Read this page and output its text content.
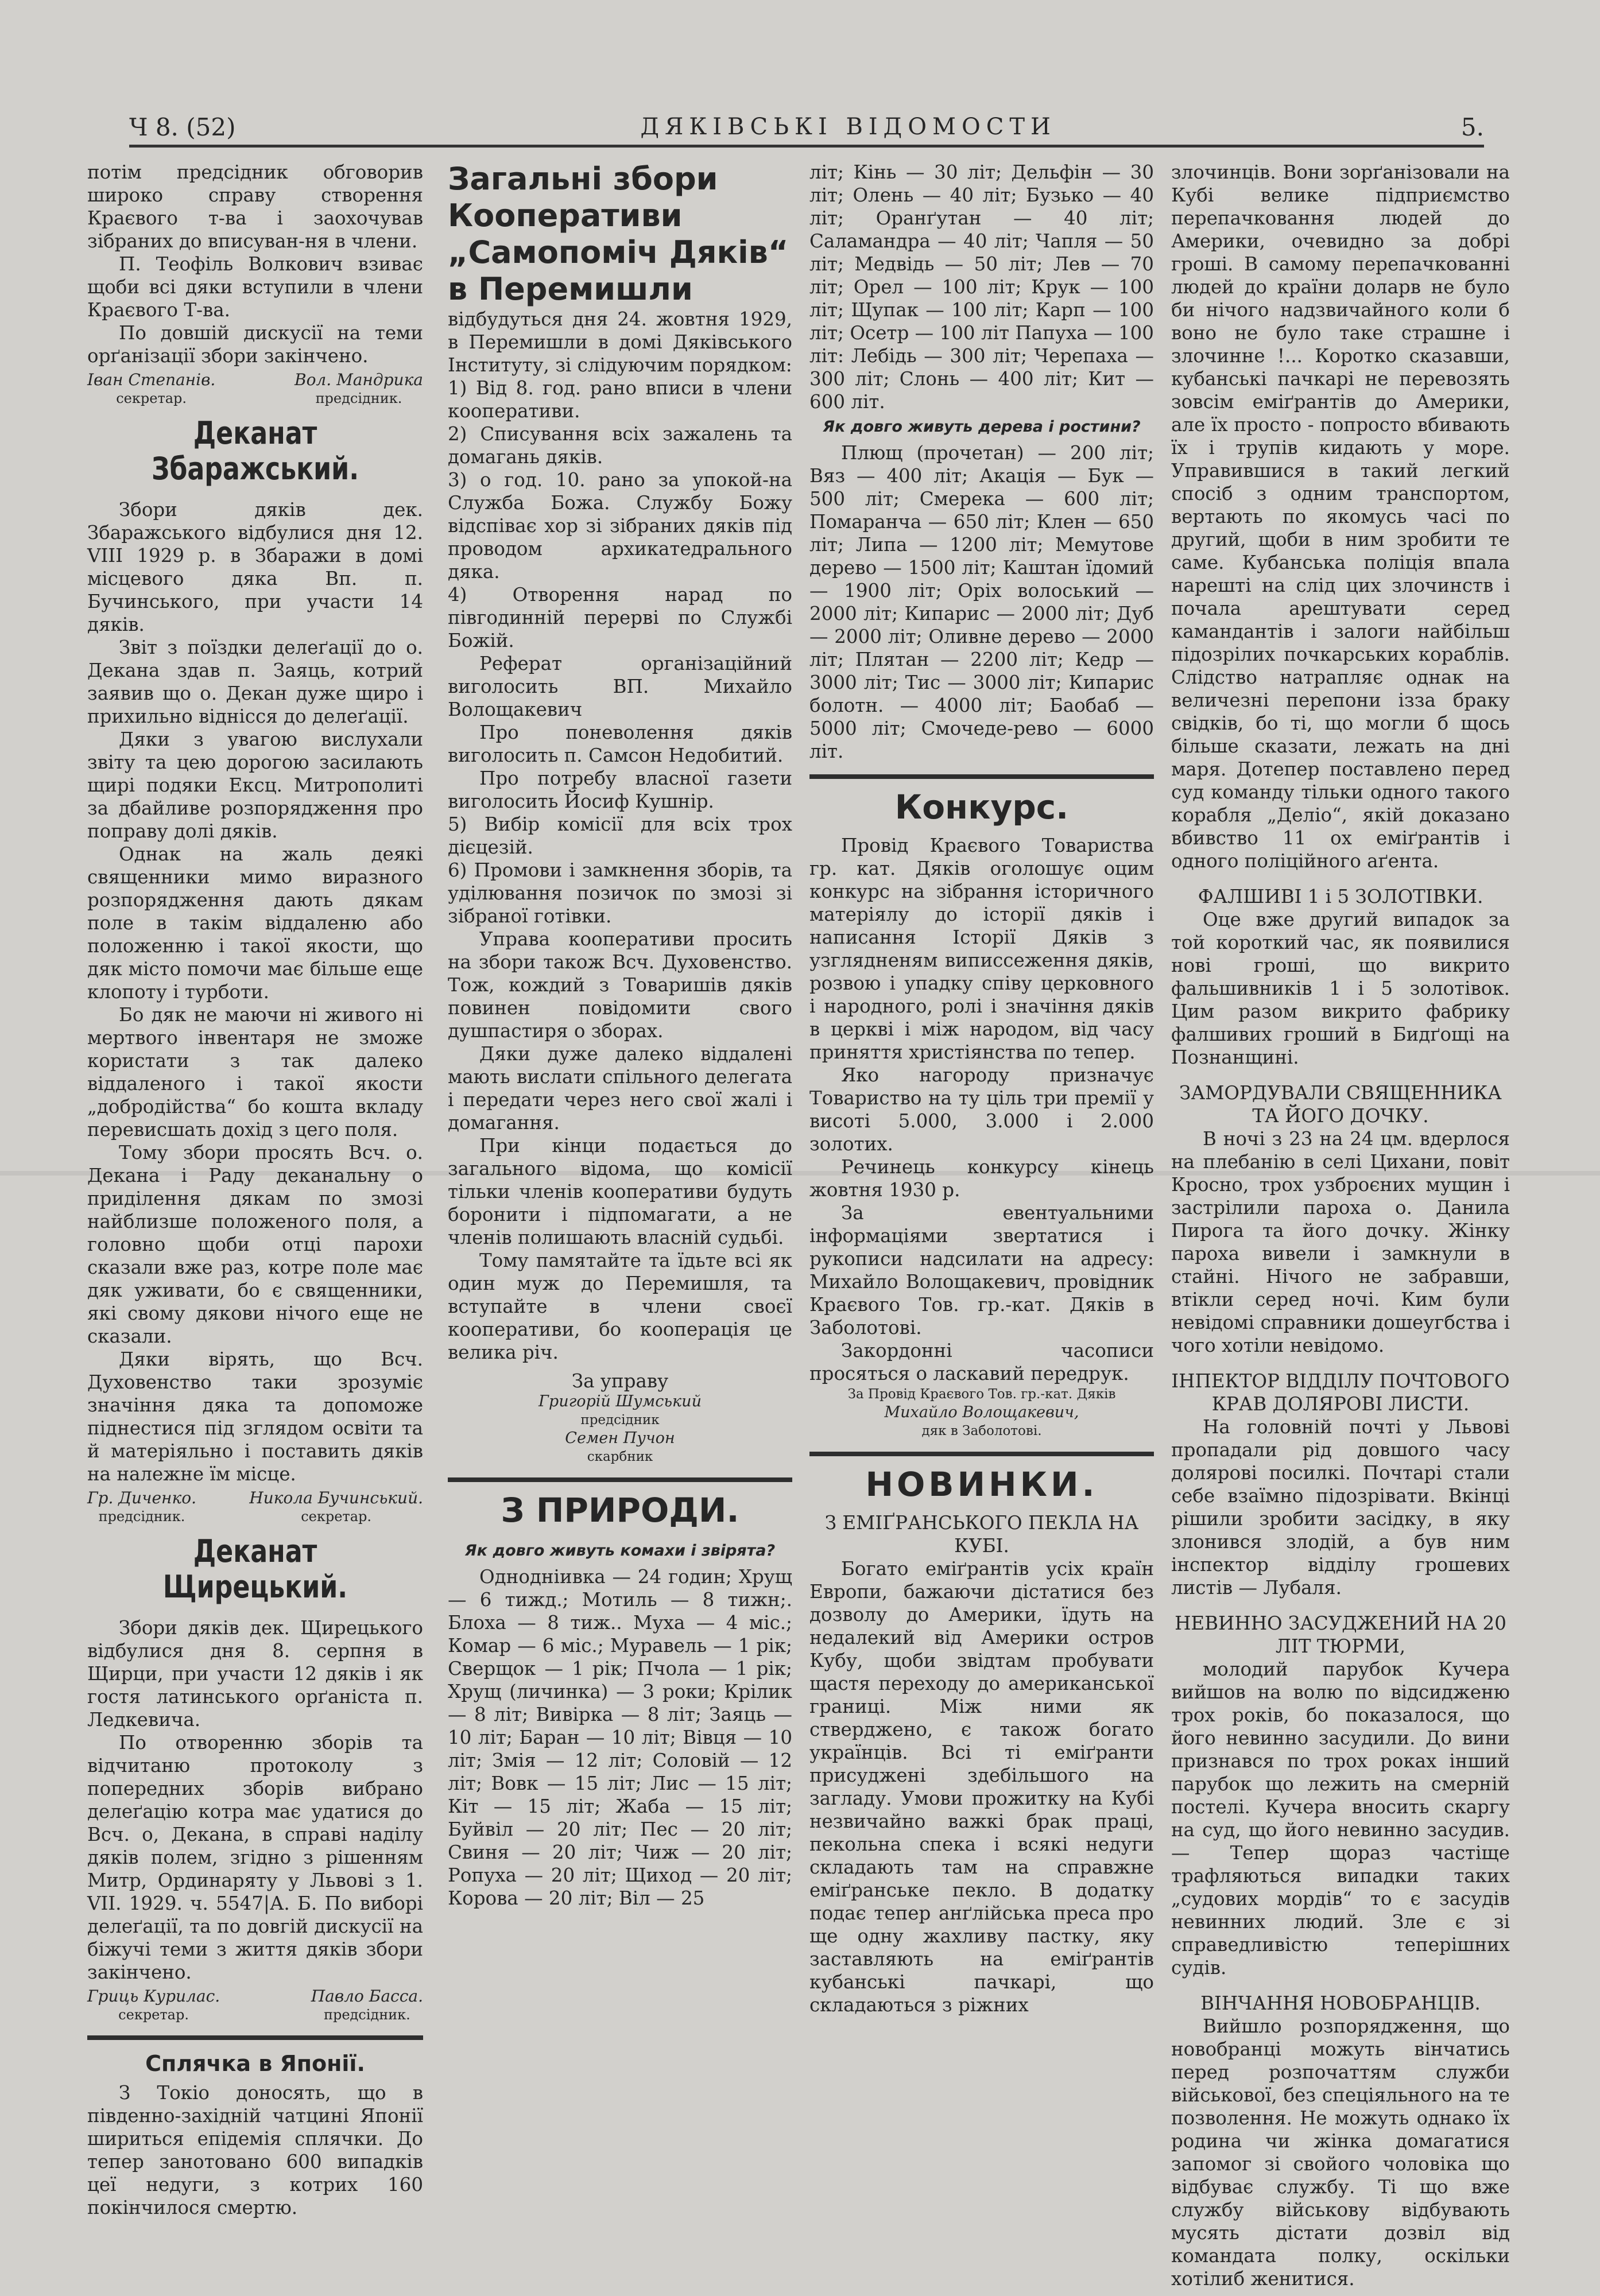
Ч 8. (52)	ДЯКІВСЬКІ ВІДОМОСТИ	5.

потім предсідник обговорив широко справу створення Краєвого т-ва і заохочував зібраних до вписуван-ня в члени.

П. Теофіль Волкович взиває щоби всі дяки вступили в члени Краєвого Т-ва.

По довшій дискусії на теми орґанізації збори закінчено.

Іван Степанів.
секретар.
Вол. Мандрика
предсідник.
Деканат Збаражський.

Збори дяків дек. Збаражського відбулися дня 12. VIII 1929 р. в Збаражи в домі місцевого дяка Вп. п. Бучинського, при участи 14 дяків.

Звіт з поїздки делеґації до о. Декана здав п. Заяць, котрий заявив що о. Декан дуже щиро і прихильно віднісся до делеґації.

Дяки з увагою вислухали звіту та цею дорогою засилають щирі подяки Ексц. Митрополиті за дбайливе розпорядження про поправу долі дяків.

Однак на жаль деякі священники мимо виразного розпорядження дають дякам поле в такім віддаленю або положенню і такої якости, що дяк місто помочи має більше еще клопоту і турботи.

Бо дяк не маючи ні живого ні мертвого інвентаря не зможе користати з так далеко віддаленого і такої якости „добродійства“ бо кошта вкладу перевисшать дохід з цего поля.

Тому збори просять Всч. о. Декана і Раду деканальну о приділення дякам по змозі найблизше положеного поля, а головно щоби отці пароxи сказали вже раз, котре поле має дяк уживати, бо є священники, які свому дякови нічого еще не сказали.

Дяки вірять, що Всч. Духовенство таки зрозуміє значіння дяка та допоможе піднестися під зглядом освіти та й матеріяльно і поставить дяків на належне їм місце.

Гр. Диченко.
предсідник.
Никола Бучинський.
секретар.
Деканат Щирецький.

Збори дяків дек. Щирецького відбулися дня 8. серпня в Щирци, при участи 12 дяків і як гостя латинського орґаніста п. Ледкевича.

По отворенню зборів та відчитаню протоколу з попередних зборів вибрано делеґацію котра має удатися до Всч. о, Декана, в справі наділу дяків полем, згідно з рішенням Митр, Ординаряту у Львові з 1. VII. 1929. ч. 5547|А. Б. По виборі делеґації, та по довгій дискусії на біжучі теми з життя дяків збори закінчено.

Гриць Курилас.
секретар.
Павло Басса.
предсідник.
Сплячка в Японії.

З Токіо доносять, що в південно-західній чатцині Японії шириться епідемія сплячки. До тепер занотовано 600 випадків цеї недуги, з котрих 160 покінчилося смертю.

Загальні збори Кооперативи „Самопоміч Дяків“ в Перемишли

відбудуться дня 24. жовтня 1929, в Перемишли в домі Дяківського Інституту, зі слідуючим порядком:

1) Від 8. год. рано вписи в члени кооперативи.

2) Списування всіх зажалень та домагань дяків.

3) о год. 10. рано за упокой-на Служба Божа. Службу Божу відспіває хор зі зібраних дяків під проводом архикатедрального дяка.

4) Отворення нарад по півгодинній перерві по Службі Божій.

Реферат організаційний виголосить ВП. Михайло Волощакевич

Про поневолення дяків виголосить п. Самсон Недобитий.

Про потребу власної газети виголосить Йосиф Кушнір.

5) Вибір комісії для всіх трох дієцезій.

6) Промови і замкнення зборів, та уділювання позичок по змозі зі зібраної готівки.

Управа кооперативи просить на збори також Всч. Духовенство. Тож, кождий з Товаришів дяків повинен повідомити свого душпастиря о зборах.

Дяки дуже далеко віддалені мають вислати спільного делегата і передати через него свої жалі і домагання.

При кінци подається до загального відома, що комісії тільки членів кооперативи будуть боронити і підпомагати, а не членів полишають власній судьбі.

Тому памятайте та їдьте всі як один муж до Перемишля, та вступайте в члени своєї кооперативи, бо кооперація це велика річ.

За управу

Григорій Шумський
предсідник
Семен Пучон
скарбник
З ПРИРОДИ.
Як довго живуть комахи і звірята?

Однодніивка — 24 годин; Хрущ — 6 тижд.; Мотиль — 8 тижн;. Блоха — 8 тиж.. Муха — 4 міс.; Комар — 6 міс.; Муравель — 1 рік; Сверщок — 1 рік; Пчола — 1 рік; Хрущ (личинка) — 3 роки; Крілик — 8 літ; Вивірка — 8 літ; Заяць — 10 літ; Баран — 10 літ; Вівця — 10 літ; Змія — 12 літ; Соловій — 12 літ; Вовк — 15 літ; Лис — 15 літ; Кіт — 15 літ; Жаба — 15 літ; Буйвіл — 20 літ; Пес — 20 літ; Свиня — 20 літ; Чиж — 20 літ; Ропуха — 20 літ; Щиход — 20 літ; Корова — 20 літ; Віл — 25

літ; Кінь — 30 літ; Дельфін — 30 літ; Олень — 40 літ; Бузько — 40 літ; Оранґутан — 40 літ; Саламандра — 40 літ; Чапля — 50 літ; Медвідь — 50 літ; Лев — 70 літ; Орел — 100 літ; Крук — 100 літ; Щупак — 100 літ; Карп — 100 літ; Осетр — 100 літ Папуха — 100 літ: Лебідь — 300 літ; Черепаха — 300 літ; Слонь — 400 літ; Кит — 600 літ.

Як довго живуть дерева і ростини?

Плющ (прочетан) — 200 літ; Вяз — 400 літ; Акація — Бук — 500 літ; Смерека — 600 літ; Помаранча — 650 літ; Клен — 650 літ; Липа — 1200 літ; Мемутове дерево — 1500 літ; Каштан їдомий — 1900 літ; Оріх волоський — 2000 літ; Кипарис — 2000 літ; Дуб — 2000 літ; Оливне дерево — 2000 літ; Плятан — 2200 літ; Кедр — 3000 літ; Тис — 3000 літ; Кипарис болотн. — 4000 літ; Баобаб — 5000 літ; Смочеде-рево — 6000 літ.

Конкурс.

Провід Краєвого Товариства гр. кат. Дяків оголошує оцим конкурс на зібрання історичного матеріялу до історії дяків і написання Історії Дяків з узглядненям виписсеження дяків, розвою і упадку співу церковного і народного, ролі і значіння дяків в церкві і між народом, від часу приняття христіянства по тепер.

Яко нагороду призначує Товариство на ту ціль три премії у висоті 5.000, 3.000 і 2.000 золотих.

Речинець конкурсу кінець жовтня 1930 р.

За евентуальними інформаціями звертатися і рукописи надсилати на адресу: Михайло Волощакевич, провідник Краєвого Тов. гр.-кат. Дяків в Заболотові.

Закордонні часописи просяться о ласкавий передрук.

За Провід Краєвого Тов. гр.-кат. Дяків
Михайло Волощакевич,
дяк в Заболотові.
НОВИНКИ.

З ЕМІҐРАНСЬКОГО ПЕКЛА НА КУБІ.

Богато еміґрантів усіх країн Европи, бажаючи дістатися без дозволу до Америки, їдуть на недалекий від Америки остров Кубу, щоби звідтам пробувати щастя переходу до американської границі. Між ними як стверджено, є також богато українців. Всі ті еміґранти присуджені здебільшого на загладу. Умови прожитку на Кубі незвичайно важкі брак праці, пекольна спека і всякі недуги складають там на справжне еміґранське пекло. В додатку подає тепер анґлійська преса про ще одну жахливу пастку, яку заставляють на еміґрантів кубанські пачкарі, що складаються з ріжних

злочинців. Вони зорґанізовали на Кубі велике підприємство перепачковання людей до Америки, очевидно за добрі гроші. В самому перепачкованні людей до країни доларв не було би нічого надзвичайного коли б воно не було таке страшне і злочинне !... Коротко сказавши, кубанські пачкарі не перевозять зовсім еміґрантів до Америки, але їх просто - попросто вбивають їх і трупів кидають у море. Управившися в такий легкий спосіб з одним транспортом, вертають по якомусь часі по другий, щоби в ним зробити те саме. Кубанська поліція впала нарешті на слід цих злочинств і почала арештувати серед камандантів і залоги найбільш підозрілих почкарських кораблів. Слідство натрапляє однак на величезні перепони ізза браку свідків, бо ті, що могли б щось більше сказати, лежать на дні маря. Дотепер поставлено перед суд команду тільки одного такого корабля „Деліо“, якій доказано вбивство 11 ох еміґрантів і одного поліційного аґента.

ФАЛШИВІ 1 і 5 ЗОЛОТІВКИ.

Оце вже другий випадок за той короткий час, як появилися нові гроші, що викрито фальшивників 1 і 5 золотівок. Цим разом викрито фабрику фалшивих гроший в Бидґощі на Познанщині.

ЗАМОРДУВАЛИ СВЯЩЕННИКА ТА ЙОГО ДОЧКУ.

В ночі з 23 на 24 цм. вдерлося на плебанію в селі Цихани, повіт Кросно, трох узброєних мущин і застрілили пароха о. Данила Пирога та його дочку. Жінку пароха вивели і замкнули в стайні. Нічого не забравши, втікли серед ночі. Ким були невідомі справники дошеугбства і чого хотіли невідомо.

ІНПЕКТОР ВІДДІЛУ ПОЧТОВОГО КРАВ ДОЛЯРОВІ ЛИСТИ.

На головній почті у Львові пропадали рід довшого часу долярові посилкі. Почтарі стали себе взаїмно підозрівати. Вкінці рішили зробити засідку, в яку злонився злодій, а був ним інспектор відділу грошевих листів — Лубаля.

НЕВИННО ЗАСУДЖЕНИЙ НА 20 ЛІТ ТЮРМИ,

молодий парубок Кучера вийшов на волю по відсидженю трох років, бо показалося, що його невинно засудили. До вини признався по трох роках інший парубок що лежить на смерній постелі. Кучера вносить скаргу на суд, що його невинно засудив. — Тепер щораз частіще трафляються випадки таких „судових мордів“ то є засудів невинних людий. Зле є зі справедливістю теперішних судів.

ВІНЧАННЯ НОВОБРАНЦІВ.

Вийшло розпорядження, що новобранці можуть вінчатись перед розпочаттям служби військової, без спеціяльного на те позволення. Не можуть однако їх родина чи жінка домагатися запомог зі свойого чоловіка що відбуває службу. Ті що вже службу військову відбувають мусять дістати дозвіл від командата полку, оскільки хотілиб женитися.
